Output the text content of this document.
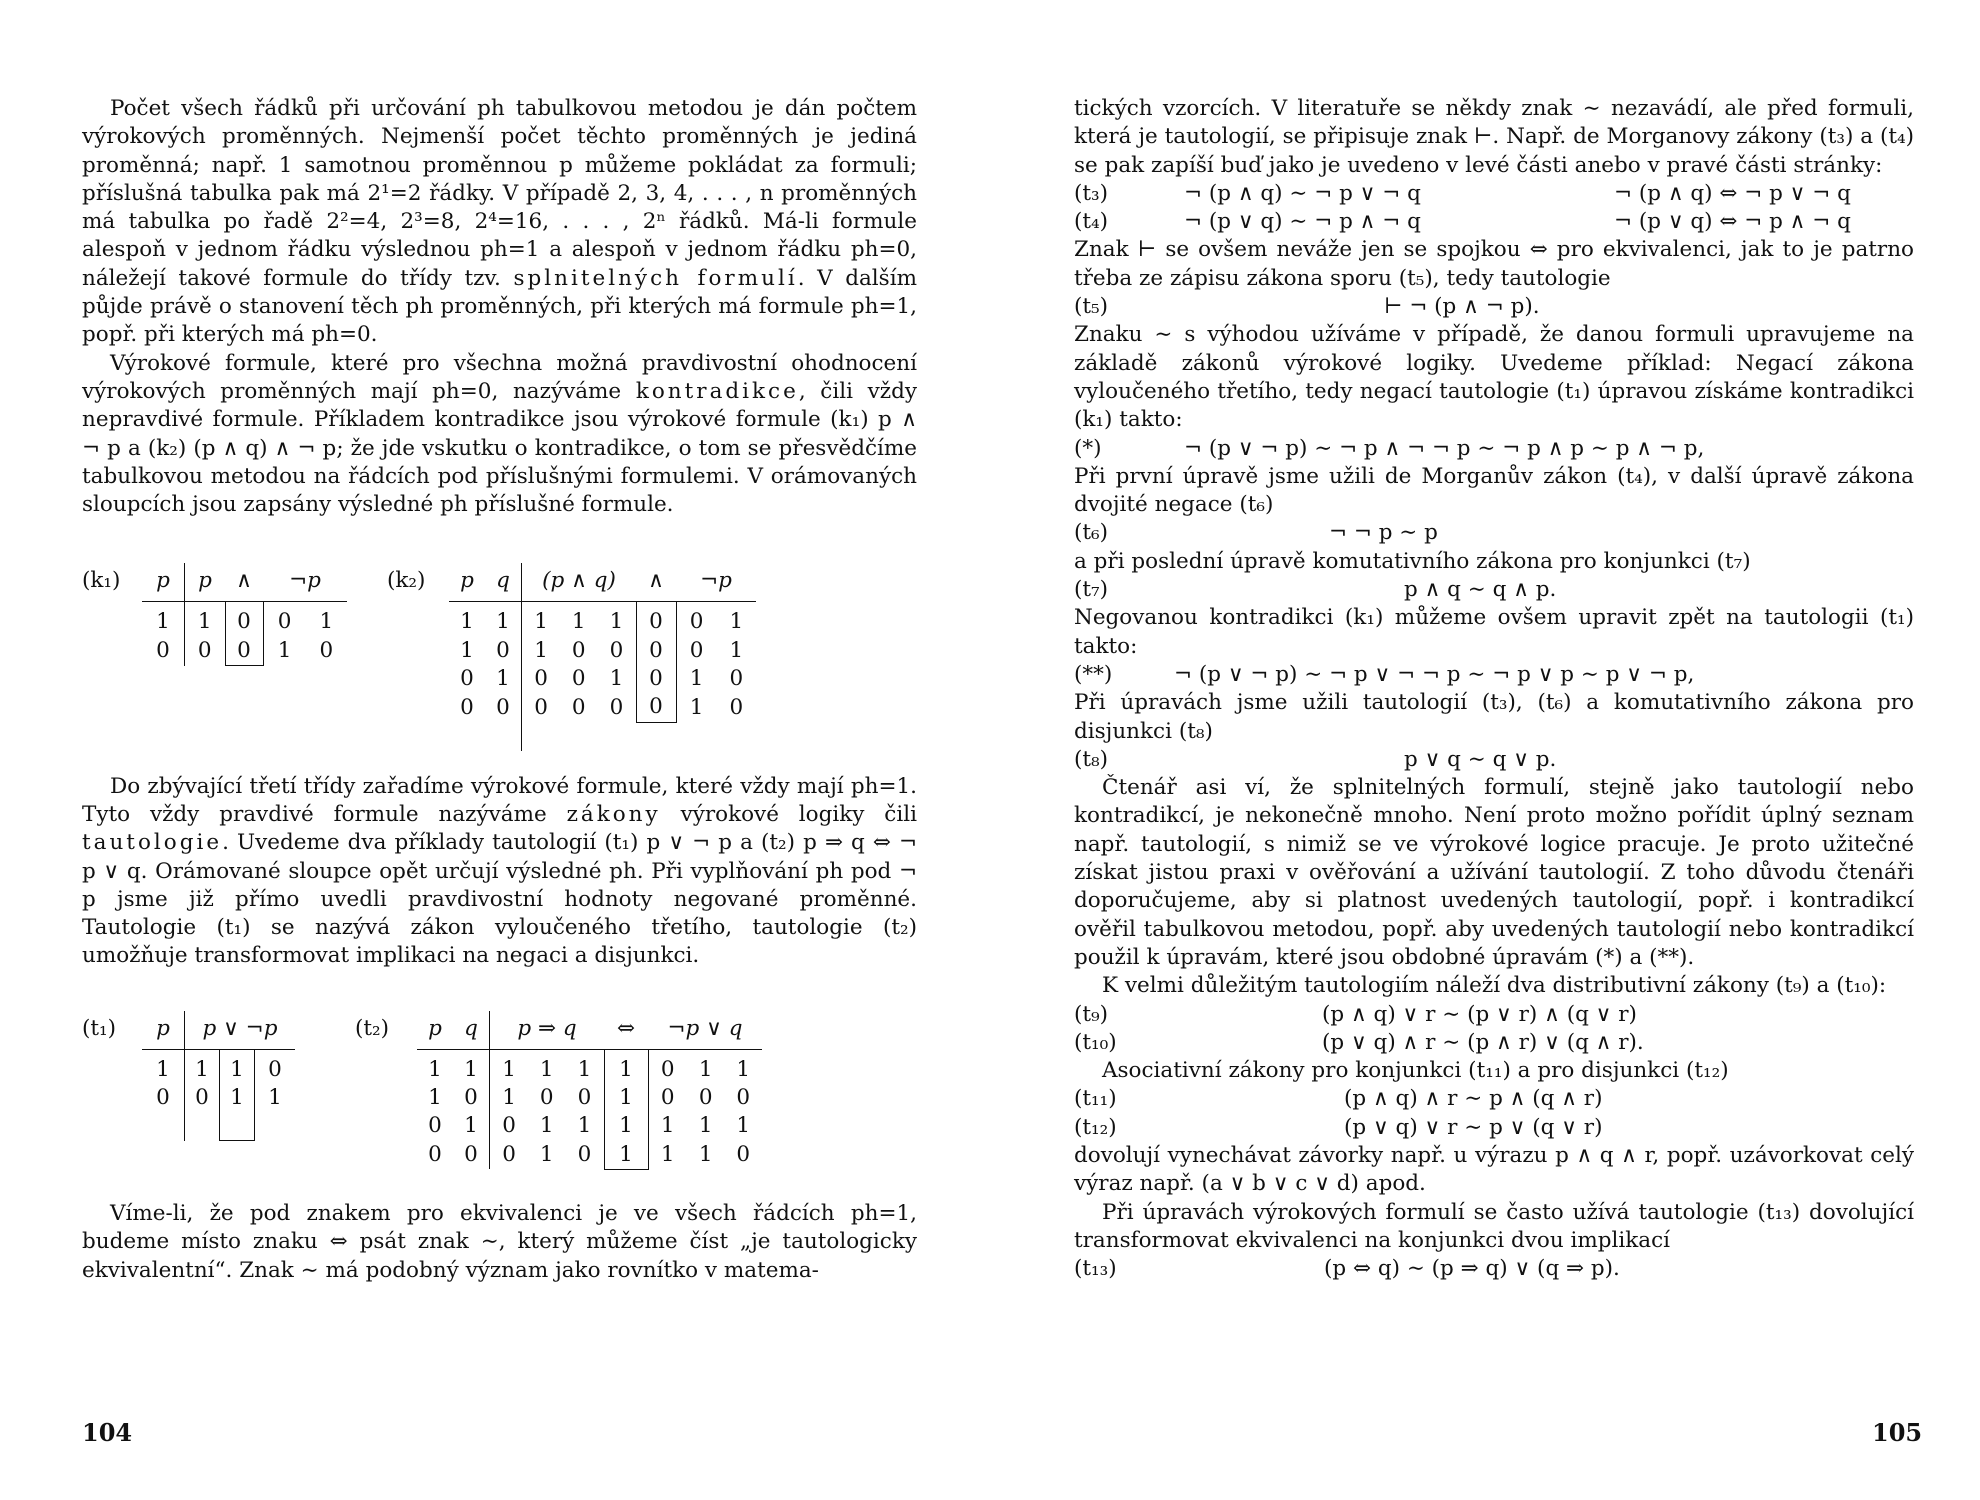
Počet všech řádků při určování ph tabulkovou metodou je dán počtem výrokových proměnných. Nejmenší počet těchto proměnných je jediná proměnná; např. 1 samotnou proměnnou p můžeme pokládat za formuli; příslušná tabulka pak má 2¹=2 řádky. V případě 2, 3, 4, . . . , n proměnných má tabulka po řadě 2²=4, 2³=8, 2⁴=16, . . . , 2ⁿ řádků. Má-li formule alespoň v jednom řádku výslednou ph=1 a alespoň v jednom řádku ph=0, náležejí takové formule do třídy tzv. splnitelných formulí. V dalším půjde právě o stanovení těch ph proměnných, při kterých má formule ph=1, popř. při kterých má ph=0.

Výrokové formule, které pro všechna možná pravdivostní ohodnocení výrokových proměnných mají ph=0, nazýváme kontradikce, čili vždy nepravdivé formule. Příkladem kontradikce jsou výrokové formule (k₁) p ∧ ¬ p a (k₂) (p ∧ q) ∧ ¬ p; že jde vskutku o kontradikce, o tom se přesvědčíme tabulkovou metodou na řádcích pod příslušnými formulemi. V orámovaných sloupcích jsou zapsány výsledné ph příslušné formule.

(k₁)	p	p	∧	¬p	
1	1	0	0	1
0	0	0	1	0
(k₂)	p	q	(p ∧ q)			∧	¬p	
1	1	1	1	1	0	0	1
1	0	1	0	0	0	0	1
0	1	0	0	1	0	1	0
0	0	0	0	0	0	1	0

Do zbývající třetí třídy zařadíme výrokové formule, které vždy mají ph=1. Tyto vždy pravdivé formule nazýváme zákony výrokové logiky čili tautologie. Uvedeme dva příklady tautologií (t₁) p ∨ ¬ p a (t₂) p ⇒ q ⇔ ¬ p ∨ q. Orámované sloupce opět určují výsledné ph. Při vyplňování ph pod ¬ p jsme již přímo uvedli pravdivostní hodnoty negované proměnné. Tautologie (t₁) se nazývá zákon vyloučeného třetího, tautologie (t₂) umožňuje transformovat implikaci na negaci a disjunkci.

(t₁)	p	p ∨ ¬p		
1	1	1	0
0	0	1	1

(t₂)	p	q	p ⇒ q			⇔	¬p ∨ q		
1	1	1	1	1	1	0	1	1
1	0	1	0	0	1	0	0	0
0	1	0	1	1	1	1	1	1
0	0	0	1	0	1	1	1	0

Víme-li, že pod znakem pro ekvivalenci je ve všech řádcích ph=1, budeme místo znaku ⇔ psát znak ∼, který můžeme číst „je tautologicky ekvivalentní“. Znak ∼ má podobný význam jako rovnítko v matema-

104

tických vzorcích. V literatuře se někdy znak ∼ nezavádí, ale před formuli, která je tautologií, se připisuje znak ⊢. Např. de Morganovy zákony (t₃) a (t₄) se pak zapíší buď jako je uvedeno v levé části anebo v pravé části stránky:

(t₃)	¬ (p ∧ q) ∼ ¬ p ∨ ¬ q	¬ (p ∧ q) ⇔ ¬ p ∨ ¬ q
(t₄)	¬ (p ∨ q) ∼ ¬ p ∧ ¬ q	¬ (p ∨ q) ⇔ ¬ p ∧ ¬ q

Znak ⊢ se ovšem neváže jen se spojkou ⇔ pro ekvivalenci, jak to je patrno třeba ze zápisu zákona sporu (t₅), tedy tautologie

(t₅)	⊢ ¬ (p ∧ ¬ p).

Znaku ∼ s výhodou užíváme v případě, že danou formuli upravujeme na základě zákonů výrokové logiky. Uvedeme příklad: Negací zákona vyloučeného třetího, tedy negací tautologie (t₁) úpravou získáme kontradikci (k₁) takto:

(*)	¬ (p ∨ ¬ p) ∼ ¬ p ∧ ¬ ¬ p ∼ ¬ p ∧ p ∼ p ∧ ¬ p,

Při první úpravě jsme užili de Morganův zákon (t₄), v další úpravě zákona dvojité negace (t₆)

(t₆)	¬ ¬ p ∼ p

a při poslední úpravě komutativního zákona pro konjunkci (t₇)

(t₇)	p ∧ q ∼ q ∧ p.

Negovanou kontradikci (k₁) můžeme ovšem upravit zpět na tautologii (t₁) takto:

(**)	¬ (p ∨ ¬ p) ∼ ¬ p ∨ ¬ ¬ p ∼ ¬ p ∨ p ∼ p ∨ ¬ p,

Při úpravách jsme užili tautologií (t₃), (t₆) a komutativního zákona pro disjunkci (t₈)

(t₈)	p ∨ q ∼ q ∨ p.

Čtenář asi ví, že splnitelných formulí, stejně jako tautologií nebo kontradikcí, je nekonečně mnoho. Není proto možno pořídit úplný seznam např. tautologií, s nimiž se ve výrokové logice pracuje. Je proto užitečné získat jistou praxi v ověřování a užívání tautologií. Z toho důvodu čtenáři doporučujeme, aby si platnost uvedených tautologií, popř. i kontradikcí ověřil tabulkovou metodou, popř. aby uvedených tautologií nebo kontradikcí použil k úpravám, které jsou obdobné úpravám (*) a (**).

K velmi důležitým tautologiím náleží dva distributivní zákony (t₉) a (t₁₀):

(t₉)	(p ∧ q) ∨ r ∼ (p ∨ r) ∧ (q ∨ r)
(t₁₀)	(p ∨ q) ∧ r ∼ (p ∧ r) ∨ (q ∧ r).

Asociativní zákony pro konjunkci (t₁₁) a pro disjunkci (t₁₂)

(t₁₁)	(p ∧ q) ∧ r ∼ p ∧ (q ∧ r)
(t₁₂)	(p ∨ q) ∨ r ∼ p ∨ (q ∨ r)

dovolují vynechávat závorky např. u výrazu p ∧ q ∧ r, popř. uzávorkovat celý výraz např. (a ∨ b ∨ c ∨ d) apod.

Při úpravách výrokových formulí se často užívá tautologie (t₁₃) dovolující transformovat ekvivalenci na konjunkci dvou implikací

(t₁₃)	(p ⇔ q) ∼ (p ⇒ q) ∨ (q ⇒ p).
105
